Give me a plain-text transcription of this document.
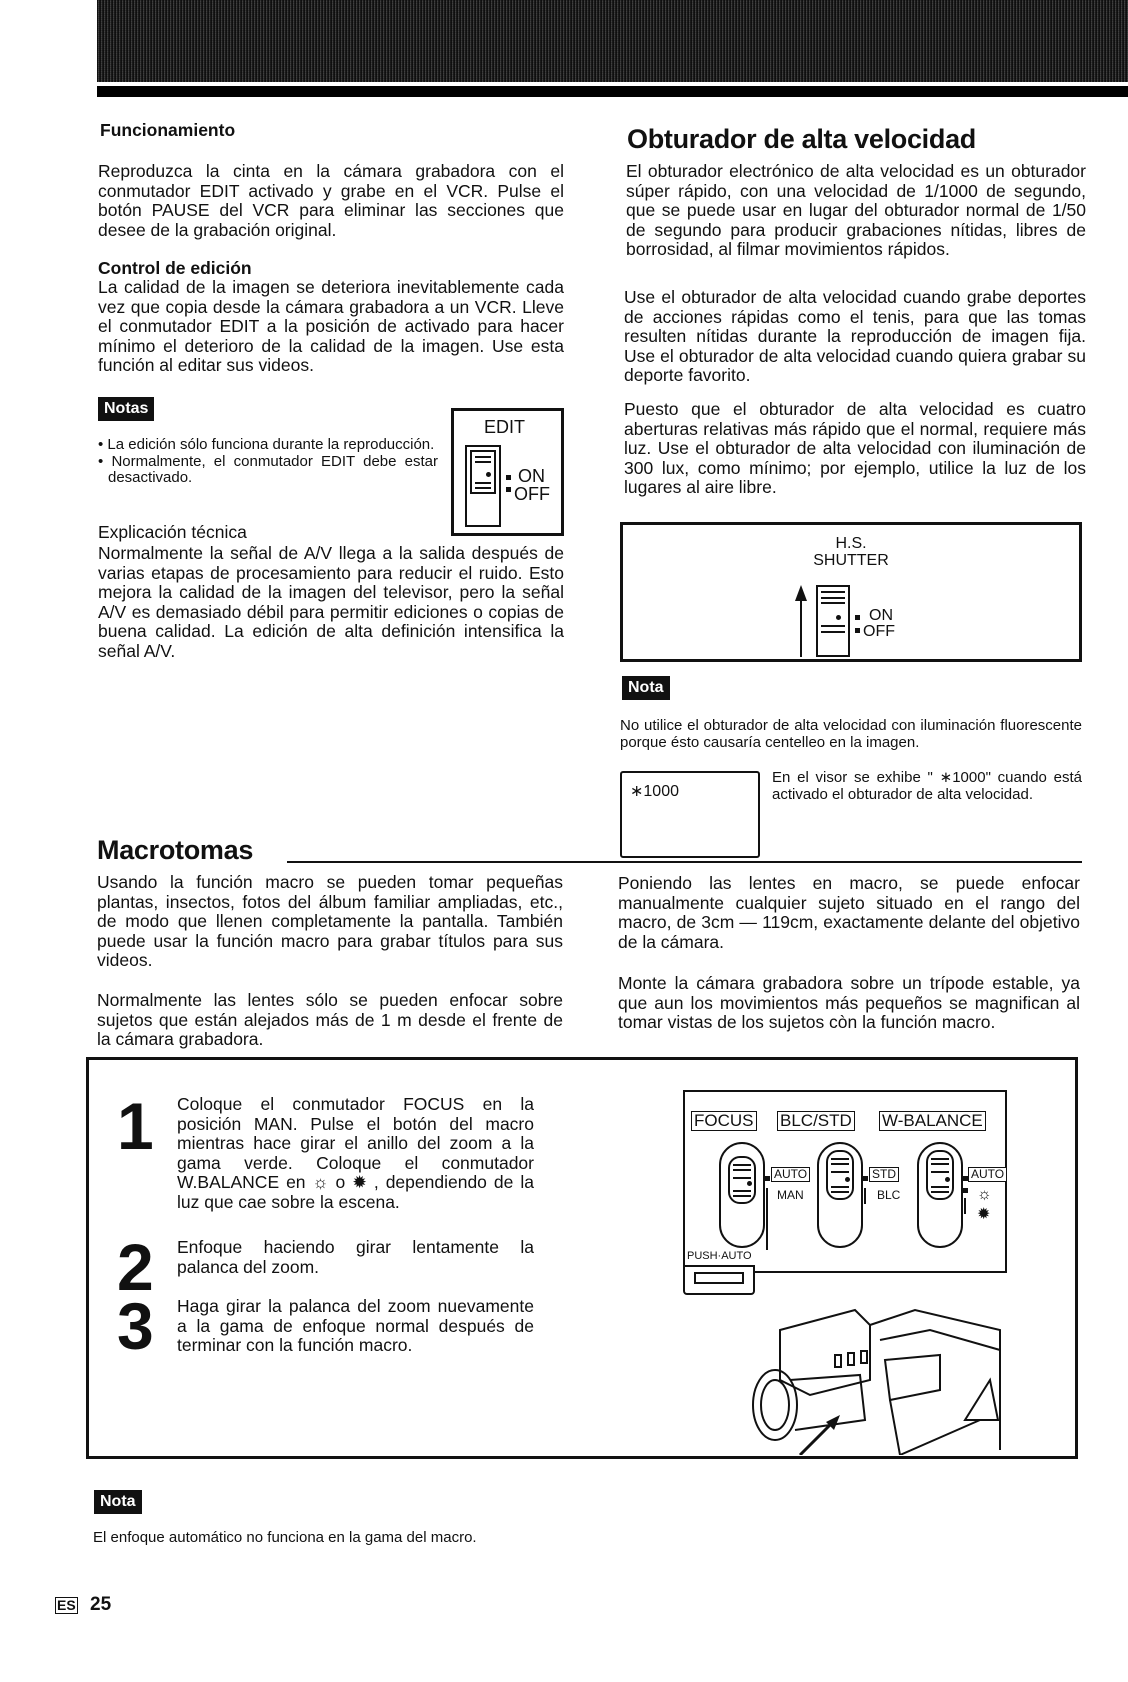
Funcionamiento

Reproduzca la cinta en la cámara grabadora con el conmutador EDIT activado y grabe en el VCR. Pulse el botón PAUSE del VCR para eliminar las secciones que desee de la grabación original.

Control de edición

La calidad de la imagen se deteriora inevitablemente cada vez que copia desde la cámara grabadora a un VCR. Lleve el conmutador EDIT a la posición de activado para hacer mínimo el deterioro de la calidad de la imagen. Use esta función al editar sus videos.

Notas
• La edición sólo funciona durante la reproducción.
• Normalmente, el conmutador EDIT debe estar desactivado.
EDIT
ON
OFF
Explicación técnica

Normalmente la señal de A/V llega a la salida después de varias etapas de procesamiento para reducir el ruido. Esto mejora la calidad de la imagen del televisor, pero la señal A/V es demasiado débil para permitir ediciones o copias de buena calidad. La edición de alta definición intensifica la señal A/V.

Obturador de alta velocidad

El obturador electrónico de alta velocidad es un obturador súper rápido, con una velocidad de 1/1000 de segundo, que se puede usar en lugar del obturador normal de 1/50 de segundo para producir grabaciones nítidas, libres de borrosidad, al filmar movimientos rápidos.

Use el obturador de alta velocidad cuando grabe deportes de acciones rápidas como el tenis, para que las tomas resulten nítidas durante la reproducción de imagen fija. Use el obturador de alta velocidad cuando quiera grabar su deporte favorito.

Puesto que el obturador de alta velocidad es cuatro aberturas relativas más rápido que el normal, requiere más luz. Use el obturador de alta velocidad con iluminación de 300 lux, como mínimo; por ejemplo, utilice la luz de los lugares al aire libre.

H.S.
SHUTTER
ON
OFF
Nota

No utilice el obturador de alta velocidad con iluminación fluorescente porque ésto causaría centelleo en la imagen.

∗1000

En el visor se exhibe " ∗1000" cuando está activado el obturador de alta velocidad.

Macrotomas

Usando la función macro se pueden tomar pequeñas plantas, insectos, fotos del álbum familiar ampliadas, etc., de modo que llenen completamente la pantalla. También puede usar la función macro para grabar títulos para sus videos.

Normalmente las lentes sólo se pueden enfocar sobre sujetos que están alejados más de 1 m desde el frente de la cámara grabadora.

Poniendo las lentes en macro, se puede enfocar manualmente cualquier sujeto situado en el rango del macro, de 3cm — 119cm, exactamente delante del objetivo de la cámara.

Monte la cámara grabadora sobre un trípode estable, ya que aun los movimientos más pequeños se magnifican al tomar vistas de los sujetos còn la función macro.

1 Coloque el conmutador FOCUS en la posición MAN. Pulse el botón del macro mientras hace girar el anillo del zoom a la gama verde. Coloque el conmutador W.BALANCE en ☼ o ✹ , dependiendo de la luz que cae sobre la escena.
2 Enfoque haciendo girar lentamente la palanca del zoom.
3 Haga girar la palanca del zoom nuevamente a la gama de enfoque normal después de terminar con la función macro.
FOCUS BLC/STD W-BALANCE
AUTO
MAN
STD
BLC
AUTO
☼
✹
PUSH·AUTO
Nota

El enfoque automático no funciona en la gama del macro.

ES 25
